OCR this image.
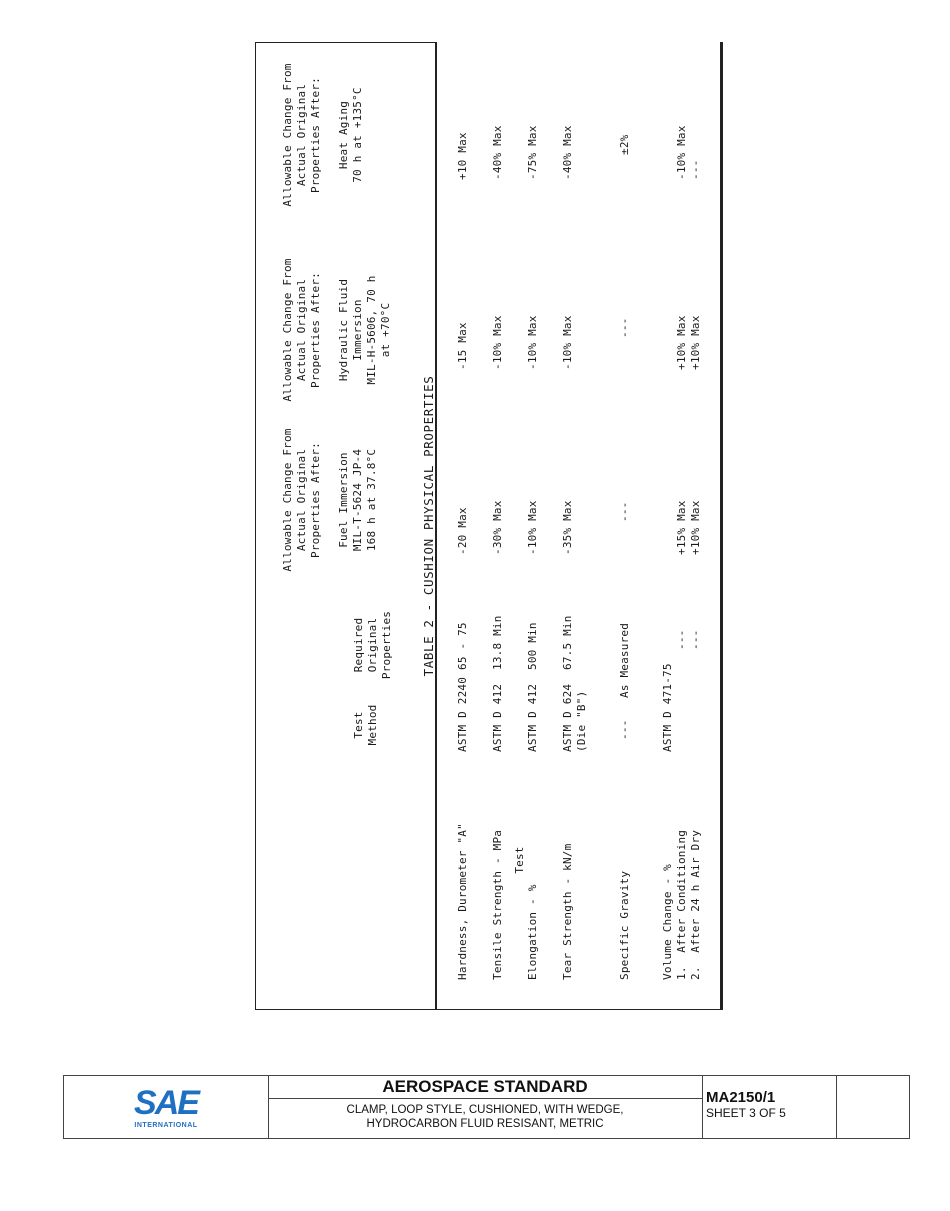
TABLE 2 - CUSHION PHYSICAL PROPERTIES
Test
Test
Method
Required
Original
Properties
Allowable Change From
Actual Original
Properties After:

Fuel Immersion
MIL-T-5624 JP-4
168 h at 37.8°C
Allowable Change From
Actual Original
Properties After:

Hydraulic Fluid
Immersion
MIL-H-5606, 70 h
at +70°C
Allowable Change From
Actual Original
Properties After:

Heat Aging
70 h at +135°C
Hardness, Durometer "A"
ASTM D 2240
65 - 75
-20 Max
-15 Max
+10 Max
Tensile Strength - MPa
ASTM D 412
13.8 Min
-30% Max
-10% Max
-40% Max
Elongation - %
ASTM D 412
500 Min
-10% Max
-10% Max
-75% Max
Tear Strength - kN/m
ASTM D 624
(Die "B")
67.5 Min
-35% Max
-10% Max
-40% Max
Specific Gravity
---
As Measured
---
---
±2%
Volume Change - %
1.  After Conditioning
2.  After 24 h Air Dry
ASTM D 471-75
---
---
+15% Max
+10% Max
+10% Max
+10% Max
-10% Max
---
SAE
INTERNATIONAL
AEROSPACE STANDARD
CLAMP, LOOP STYLE, CUSHIONED, WITH WEDGE,
HYDROCARBON FLUID RESISANT, METRIC
MA2150/1
SHEET 3 OF 5
